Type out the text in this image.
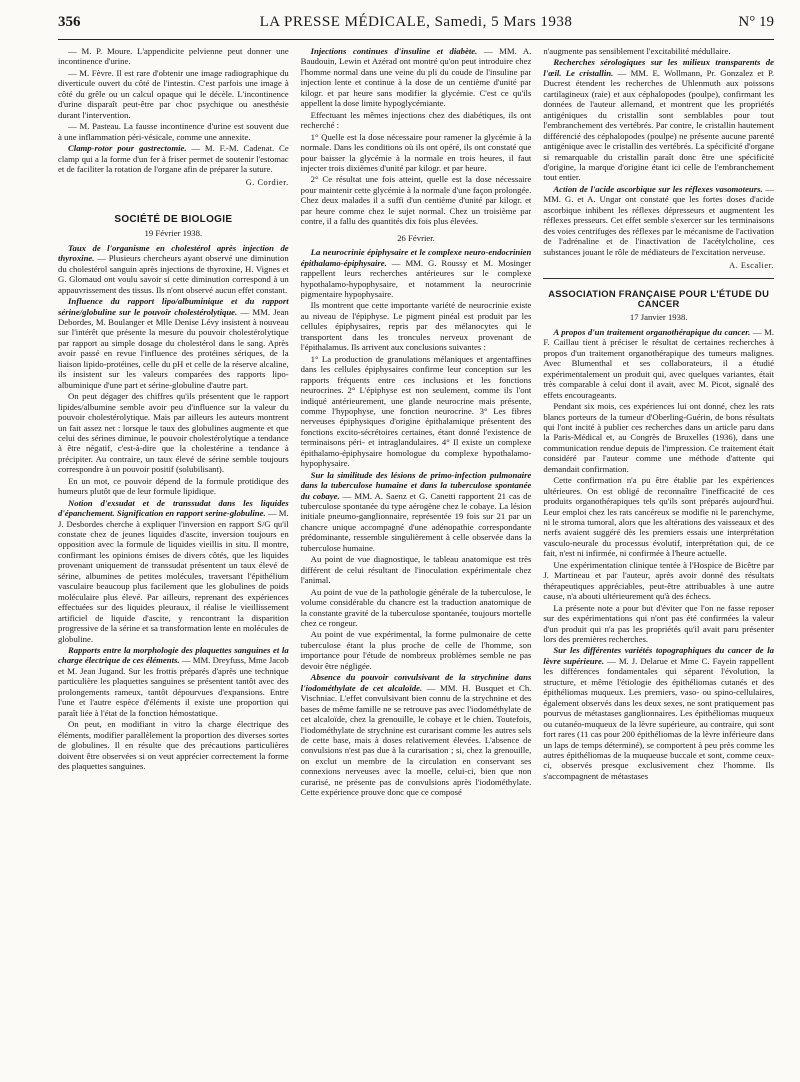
356	LA PRESSE MÉDICALE, Samedi, 5 Mars 1938	N° 19

— M. P. Moure. L'appendicite pelvienne peut donner une incontinence d'urine.

— M. Fèvre. Il est rare d'obtenir une image radiographique du diverticule ouvert du côté de l'intestin. C'est parfois une image à côté du grêle ou un calcul opaque qui le décèle. L'incontinence d'urine disparaît peut-être par choc psychique ou anesthésie durant l'intervention.

— M. Pasteau. La fausse incontinence d'urine est souvent due à une inflammation péri-vésicale, comme une annexite.

Clamp-rotor pour gastrectomie. — M. F.-M. Cadenat. Ce clamp qui a la forme d'un fer à friser permet de soutenir l'estomac et de faciliter la rotation de l'organe afin de préparer la suture.

G. Cordier.
SOCIÉTÉ DE BIOLOGIE
19 Février 1938.

Taux de l'organisme en cholestérol après injection de thyroxine. — Plusieurs chercheurs ayant observé une diminution du cholestérol sanguin après injections de thyroxine, H. Vignes et G. Glomaud ont voulu savoir si cette diminution correspond à un appauvrissement des tissus. Ils n'ont observé aucun effet constant.

Influence du rapport lipo/albuminique et du rapport sérine/globuline sur le pouvoir cholestérolytique. — MM. Jean Debordes, M. Boulanger et Mlle Denise Lévy insistent à nouveau sur l'intérêt que présente la mesure du pouvoir cholestérolytique par rapport au simple dosage du cholestérol dans le sang. Après avoir passé en revue l'influence des protéines sériques, de la liaison lipido-protéines, celle du pH et celle de la réserve alcaline, ils insistent sur les valeurs comparées des rapports lipo-albuminique d'une part et sérine-globuline d'autre part.

On peut dégager des chiffres qu'ils présentent que le rapport lipides/albumine semble avoir peu d'influence sur la valeur du pouvoir cholestérolytique. Mais par ailleurs les auteurs montrent un fait assez net : lorsque le taux des globulines augmente et que celui des sérines diminue, le pouvoir cholestérolytique a tendance à être négatif, c'est-à-dire que la cholestérine a tendance à précipiter. Au contraire, un taux élevé de sérine semble toujours correspondre à un pouvoir positif (solubilisant).

En un mot, ce pouvoir dépend de la formule protidique des humeurs plutôt que de leur formule lipidique.

Notion d'exsudat et de transsudat dans les liquides d'épanchement. Signification en rapport serine-globuline. — M. J. Desbordes cherche à expliquer l'inversion en rapport S/G qu'il constate chez de jeunes liquides d'ascite, inversion toujours en opposition avec la formule de liquides vieillis in situ. Il montre, confirmant les opinions émises de divers côtés, que les liquides provenant uniquement de transsudat présentent un taux élevé de sérine, albumines de petites molécules, traversant l'épithélium vasculaire beaucoup plus facilement que les globulines de poids moléculaire plus élevé. Par ailleurs, reprenant des expériences effectuées sur des liquides pleuraux, il réalise le vieillissement artificiel de liquide d'ascite, y rencontrant la disparition progressive de la sérine et sa transformation lente en molécules de globuline.

Rapports entre la morphologie des plaquettes sanguines et la charge électrique de ces éléments. — MM. Dreyfuss, Mme Jacob et M. Jean Jugand. Sur les frottis préparés d'après une technique particulière les plaquettes sanguines se présentent tantôt avec des prolongements rameux, tantôt dépourvues d'expansions. Entre l'une et l'autre espèce d'éléments il existe une proportion qui paraît liée à l'état de la fonction hémostatique.

On peut, en modifiant in vitro la charge électrique des éléments, modifier parallèlement la proportion des diverses sortes de globulines. Il en résulte que des précautions particulières doivent être observées si on veut apprécier correctement la forme des plaquettes sanguines.

Injections continues d'insuline et diabète. — MM. A. Baudouin, Lewin et Azérad ont montré qu'on peut introduire chez l'homme normal dans une veine du pli du coude de l'insuline par injection lente et continue à la dose de un centième d'unité par kilogr. et par heure sans modifier la glycémie. C'est ce qu'ils appellent la dose limite hypoglycémiante.

Effectuant les mêmes injections chez des diabétiques, ils ont recherché :

1° Quelle est la dose nécessaire pour ramener la glycémie à la normale. Dans les conditions où ils ont opéré, ils ont constaté que pour baisser la glycémie à la normale en trois heures, il faut injecter trois dixièmes d'unité par kilogr. et par heure.

2° Ce résultat une fois atteint, quelle est la dose nécessaire pour maintenir cette glycémie à la normale d'une façon prolongée. Chez deux malades il a suffi d'un centième d'unité par kilogr. et par heure comme chez le sujet normal. Chez un troisième par contre, il a fallu des quantités dix fois plus élevées.

26 Février.

La neurocrinie épiphysaire et le complexe neuro-endocrinien épithalamo-épiphysaire. — MM. G. Roussy et M. Mosinger rappellent leurs recherches antérieures sur le complexe hypothalamo-hypophysaire, et notamment la neurocrinie pigmentaire hypophysaire.

Ils montrent que cette importante variété de neurocrinie existe au niveau de l'épiphyse. Le pigment pinéal est produit par les cellules épiphysaires, repris par des mélanocytes qui le transportent dans les troncules nerveux provenant de l'épithalamus. Ils arrivent aux conclusions suivantes :

1° La production de granulations mélaniques et argentaffines dans les cellules épiphysaires confirme leur conception sur les rapports fréquents entre ces inclusions et les fonctions neurocrines. 2° L'épiphyse est non seulement, comme ils l'ont indiqué antérieurement, une glande neurocrine mais présente, comme l'hypophyse, une fonction neurocrine. 3° Les fibres nerveuses épiphysiques d'origine épithalamique présentent des fonctions excito-sécrétoires certaines, étant donné l'existence de terminaisons péri- et intraglandulaires. 4° Il existe un complexe épithalamo-épiphysaire homologue du complexe hypothalamo-hypophysaire.

Sur la similitude des lésions de primo-infection pulmonaire dans la tuberculose humaine et dans la tuberculose spontanée du cobaye. — MM. A. Saenz et G. Canetti rapportent 21 cas de tuberculose spontanée du type aérogène chez le cobaye. La lésion initiale pneumo-ganglionnaire, représentée 19 fois sur 21 par un chancre unique accompagné d'une adénopathie correspondante prédominante, ressemble singulièrement à celle observée dans la tuberculose humaine.

Au point de vue diagnostique, le tableau anatomique est très différent de celui résultant de l'inoculation expérimentale chez l'animal.

Au point de vue de la pathologie générale de la tuberculose, le volume considérable du chancre est la traduction anatomique de la constante gravité de la tuberculose spontanée, toujours mortelle chez ce rongeur.

Au point de vue expérimental, la forme pulmonaire de cette tuberculose étant la plus proche de celle de l'homme, son importance pour l'étude de nombreux problèmes semble ne pas devoir être négligée.

Absence du pouvoir convulsivant de la strychnine dans l'iodométhylate de cet alcaloïde. — MM. H. Busquet et Ch. Vischniac. L'effet convulsivant bien connu de la strychnine et des bases de même famille ne se retrouve pas avec l'iodométhylate de cet alcaloïde, chez la grenouille, le cobaye et le chien. Toutefois, l'iodométhylate de strychnine est curarisant comme les autres sels de cette base, mais à doses relativement élevées. L'absence de convulsions n'est pas due à la curarisation ; si, chez la grenouille, on exclut un membre de la circulation en conservant ses connexions nerveuses avec la moelle, celui-ci, bien que non curarisé, ne présente pas de convulsions après l'iodométhylate. Cette expérience prouve donc que ce composé

n'augmente pas sensiblement l'excitabilité médullaire.

Recherches sérologiques sur les milieux transparents de l'œil. Le cristallin. — MM. E. Wollmann, Pr. Gonzalez et P. Ducrest étendent les recherches de Uhlenmuth aux poissons cartilagineux (raie) et aux céphalopodes (poulpe), confirmant les données de l'auteur allemand, et montrent que les propriétés antigéniques du cristallin sont semblables pour tout l'embranchement des vertébrés. Par contre, le cristallin hautement différencié des céphalopodes (poulpe) ne présente aucune parenté antigénique avec le cristallin des vertébrés. La spécificité d'organe si remarquable du cristallin paraît donc être une spécificité d'origine, la marque d'origine étant ici celle de l'embranchement tout entier.

Action de l'acide ascorbique sur les réflexes vasomoteurs. — MM. G. et A. Ungar ont constaté que les fortes doses d'acide ascorbique inhibent les réflexes dépresseurs et augmentent les réflexes presseurs. Cet effet semble s'exercer sur les terminaisons des voies centrifuges des réflexes par le mécanisme de l'activation de l'adrénaline et de l'inactivation de l'acétylcholine, ces substances jouant le rôle de médiateurs de l'excitation nerveuse.

A. Escalier.
ASSOCIATION FRANÇAISE POUR L'ÉTUDE DU CANCER
17 Janvier 1938.

A propos d'un traitement organothérapique du cancer. — M. F. Caillau tient à préciser le résultat de certaines recherches à propos d'un traitement organothérapique des tumeurs malignes. Avec Blumenthal et ses collaborateurs, il a étudié expérimentalement un produit qui, avec quelques variantes, était très comparable à celui dont il avait, avec M. Picot, signalé des effets encourageants.

Pendant six mois, ces expériences lui ont donné, chez les rats blancs porteurs de la tumeur d'Oberling-Guérin, de bons résultats qui l'ont incité à publier ces recherches dans un article paru dans la Paris-Médical et, au Congrès de Bruxelles (1936), dans une communication rendue depuis de l'impression. Ce traitement était considéré par l'auteur comme une méthode d'attente qui demandait confirmation.

Cette confirmation n'a pu être établie par les expériences ultérieures. On est obligé de reconnaître l'inefficacité de ces produits organothérapiques tels qu'ils sont préparés aujourd'hui. Leur emploi chez les rats cancéreux se modifie ni le parenchyme, ni le stroma tumoral, alors que les altérations des vaisseaux et des nerfs avaient suggéré dès les premiers essais une interprétation vasculo-neurale du processus évolutif, interprétation qui, de ce fait, n'est ni infirmée, ni confirmée à l'heure actuelle.

Une expérimentation clinique tentée à l'Hospice de Bicêtre par J. Martineau et par l'auteur, après avoir donné des résultats thérapeutiques appréciables, peut-être attribuables à une autre cause, n'a abouti ultérieurement qu'à des échecs.

La présente note a pour but d'éviter que l'on ne fasse reposer sur des expérimentations qui n'ont pas été confirmées la valeur d'un produit qui n'a pas les propriétés qu'il avait paru présenter lors des premières recherches.

Sur les différentes variétés topographiques du cancer de la lèvre supérieure. — M. J. Delarue et Mme C. Fayein rappellent les différences fondamentales qui séparent l'évolution, la structure, et même l'étiologie des épithéliomas cutanés et des épithéliomas muqueux. Les premiers, vaso- ou spino-cellulaires, également observés dans les deux sexes, ne sont pratiquement pas pourvus de métastases ganglionnaires. Les épithéliomas muqueux ou cutanéo-muqueux de la lèvre supérieure, au contraire, qui sont fort rares (11 cas pour 200 épithéliomas de la lèvre inférieure dans un laps de temps déterminé), se comportent à peu près comme les autres épithéliomas de la muqueuse buccale et sont, comme ceux-ci, observés presque exclusivement chez l'homme. Ils s'accompagnent de métastases
